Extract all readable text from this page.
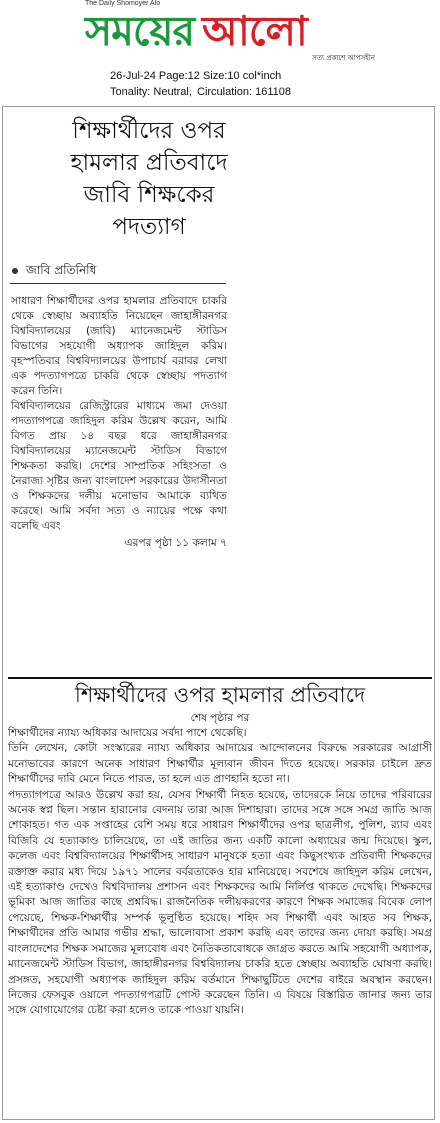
The Daily Shomoyer Alo
সময়ের আলো
সত্য প্রকাশে আপসহীন
26-Jul-24 Page:12 Size:10 col*inch
Tonality: Neutral, Circulation: 161108
শিক্ষার্থীদের ওপর
হামলার প্রতিবাদে
জাবি শিক্ষকের
পদত্যাগ
জাবি প্রতিনিধি

সাধারণ শিক্ষার্থীদের ওপর হামলার প্রতিবাদে চাকরি থেকে স্বেচ্ছায় অব্যাহতি নিয়েছেন জাহাঙ্গীরনগর বিশ্ববিদ্যালয়ের (জাবি) ম্যানেজমেন্ট স্টাডিস বিভাগের সহযোগী অধ্যাপক জাহিদুল করিম। বৃহস্পতিবার বিশ্ববিদ্যালয়ের উপাচার্য বরাবর লেখা এক পদত্যাগপত্রে চাকরি থেকে স্বেচ্ছায় পদত্যাগ করেন তিনি।

বিশ্ববিদ্যালয়ের রেজিস্ট্রারের মাধ্যমে জমা দেওয়া পদত্যাগপত্রে জাহিদুল করিম উল্লেখ করেন, আমি বিগত প্রায় ১৪ বছর ধরে জাহাঙ্গীরনগর বিশ্ববিদ্যালয়ের ম্যানেজমেন্ট স্টাডিস বিভাগে শিক্ষকতা করছি। দেশের সাম্প্রতিক সহিংসতা ও নৈরাজ্য সৃষ্টির জন্য বাংলাদেশ সরকারের উদাসীনতা ও শিক্ষকদের দলীয় মনোভাব আমাকে ব্যথিত করেছে। আমি সর্বদা সত্য ও ন্যায়ের পক্ষে কথা বলেছি এবং

এরপর পৃষ্ঠা ১১ কলাম ৭

শিক্ষার্থীদের ওপর হামলার প্রতিবাদে
শেষ পৃষ্ঠার পর

শিক্ষার্থীদের ন্যায্য অধিকার আদায়ের সর্বদা পাশে থেকেছি।

তিনি লেখেন, কোটা সংস্কারের ন্যায্য অধিকার আদায়ের আন্দোলনের বিরুদ্ধে সরকারের আগ্রাসী মনোভাবের কারণে অনেক সাধারণ শিক্ষার্থীর মূল্যবান জীবন দিতে হয়েছে। সরকার চাইলে দ্রুত শিক্ষার্থীদের দাবি মেনে নিতে পারত, তা হলে এত প্রাণহানি হতো না।

পদত্যাগপত্রে আরও উল্লেখ করা হয়, যেসব শিক্ষার্থী নিহত হয়েছে, তাদেরকে নিয়ে তাদের পরিবারের অনেক স্বপ্ন ছিল। সন্তান হারানোর বেদনায় তারা আজ দিশাহারা। তাদের সঙ্গে সঙ্গে সমগ্র জাতি আজ শোকাহত। গত এক সপ্তাহের বেশি সময় ধরে সাধারণ শিক্ষার্থীদের ওপর ছাত্রলীগ, পুলিশ, র‍্যাব এবং বিজিবি যে হত্যাকাণ্ড চালিয়েছে, তা এই জাতির জন্য একটি কালো অধ্যায়ের জন্ম দিয়েছে। স্কুল, কলেজ এবং বিশ্ববিদ্যালয়ের শিক্ষার্থীসহ সাধারণ মানুষকে হত্যা এবং কিছুসংখ্যক প্রতিবাদী শিক্ষকদের রক্তাক্ত করার মধ্য দিয়ে ১৯৭১ সালের বর্বরতাকেও হার মানিয়েছে। সবশেষে জাহিদুল করিম লেখেন, এই হত্যাকাণ্ড দেখেও বিশ্ববিদ্যালয় প্রশাসন এবং শিক্ষকদের আমি নির্লিপ্ত থাকতে দেখেছি। শিক্ষকদের ভূমিকা আজ জাতির কাছে প্রশ্নবিদ্ধ। রাজনৈতিক দলীয়করণের কারণে শিক্ষক সমাজের বিবেক লোপ পেয়েছে, শিক্ষক-শিক্ষার্থীর সম্পর্ক ভূলুণ্ঠিত হয়েছে। শহিদ সব শিক্ষার্থী এবং আহত সব শিক্ষক, শিক্ষার্থীদের প্রতি আমার গভীর শ্রদ্ধা, ভালোবাসা প্রকাশ করছি এবং তাদের জন্য দোয়া করছি। সমগ্র বাংলাদেশের শিক্ষক সমাজের মূল্যবোধ এবং নৈতিকতাবোধকে জাগ্রত করতে আমি সহযোগী অধ্যাপক, ম্যানেজমেন্ট স্টাডিস বিভাগ, জাহাঙ্গীরনগর বিশ্ববিদ্যালয় চাকরি হতে স্বেচ্ছায় অব্যাহতি ঘোষণা করছি। প্রসঙ্গত, সহযোগী অধ্যাপক জাহিদুল করিম বর্তমানে শিক্ষাছুটিতে দেশের বাইরে অবস্থান করছেন। নিজের ফেসবুক ওয়ালে পদত্যাগপত্রটি পোস্ট করেছেন তিনি। এ বিষয়ে বিস্তারিত জানার জন্য তার সঙ্গে যোগাযোগের চেষ্টা করা হলেও তাকে পাওয়া যায়নি।
